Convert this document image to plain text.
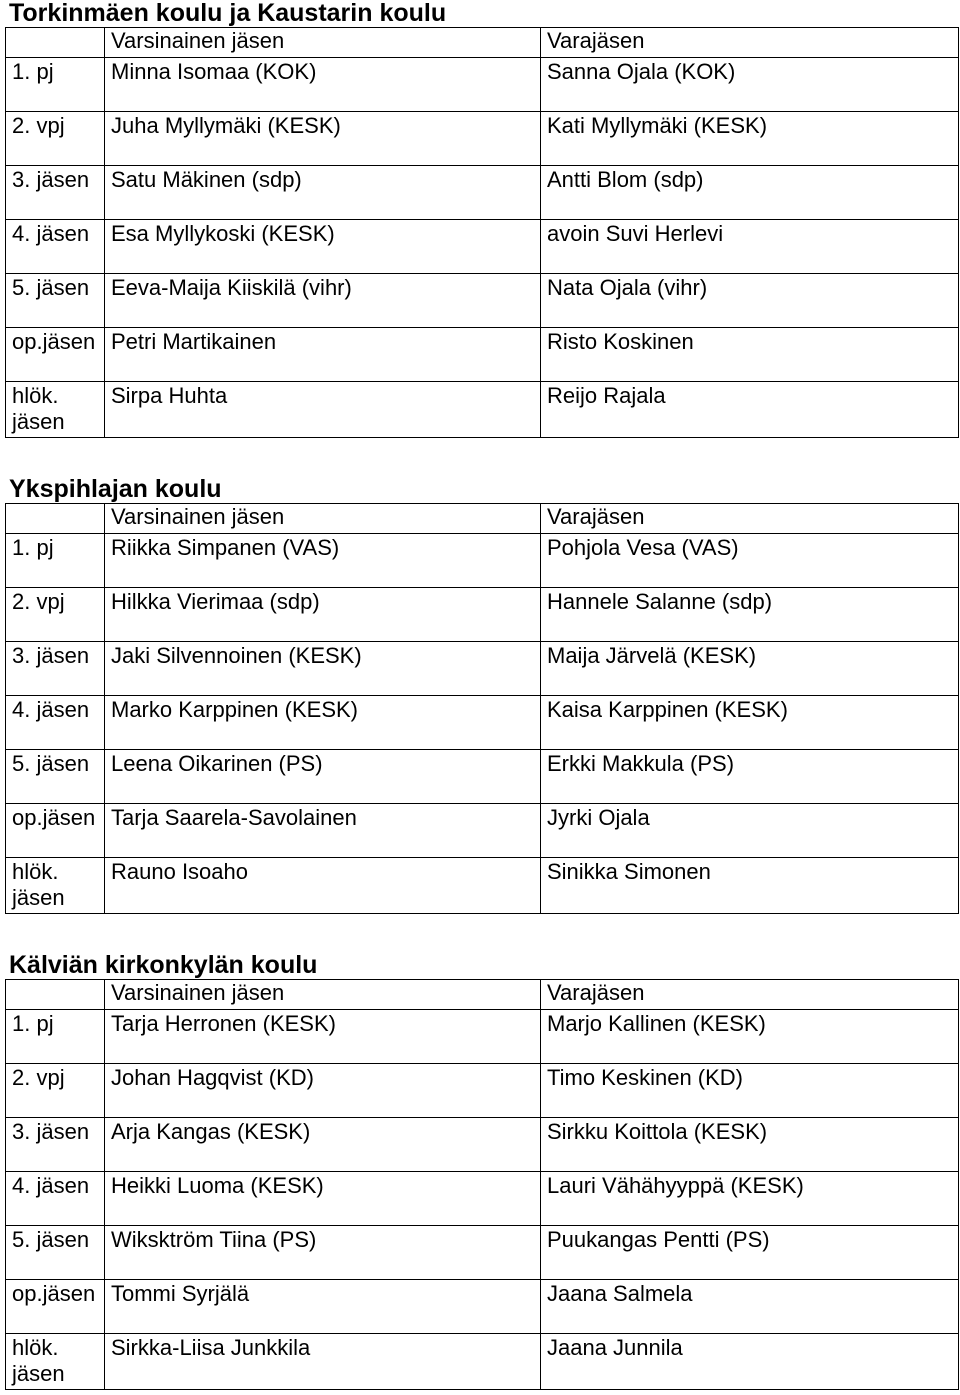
Torkinmäen koulu ja Kaustarin koulu
	Varsinainen jäsen	Varajäsen
1. pj	Minna Isomaa (KOK)	Sanna Ojala (KOK)
2. vpj	Juha Myllymäki (KESK)	Kati Myllymäki (KESK)
3. jäsen	Satu Mäkinen (sdp)	Antti Blom (sdp)
4. jäsen	Esa Myllykoski (KESK)	avoin Suvi Herlevi
5. jäsen	Eeva-Maija Kiiskilä (vihr)	Nata Ojala (vihr)
op.jäsen	Petri Martikainen	Risto Koskinen
hlök. jäsen	Sirpa Huhta	Reijo Rajala
Ykspihlajan koulu
	Varsinainen jäsen	Varajäsen
1. pj	Riikka Simpanen (VAS)	Pohjola Vesa (VAS)
2. vpj	Hilkka Vierimaa (sdp)	Hannele Salanne (sdp)
3. jäsen	Jaki Silvennoinen (KESK)	Maija Järvelä (KESK)
4. jäsen	Marko Karppinen (KESK)	Kaisa Karppinen (KESK)
5. jäsen	Leena Oikarinen (PS)	Erkki Makkula (PS)
op.jäsen	Tarja Saarela-Savolainen	Jyrki Ojala
hlök. jäsen	Rauno Isoaho	Sinikka Simonen
Kälviän kirkonkylän koulu
	Varsinainen jäsen	Varajäsen
1. pj	Tarja Herronen (KESK)	Marjo Kallinen (KESK)
2. vpj	Johan Hagqvist (KD)	Timo Keskinen (KD)
3. jäsen	Arja Kangas (KESK)	Sirkku Koittola (KESK)
4. jäsen	Heikki Luoma (KESK)	Lauri Vähähyyppä (KESK)
5. jäsen	Wiksktröm Tiina (PS)	Puukangas Pentti (PS)
op.jäsen	Tommi Syrjälä	Jaana Salmela
hlök. jäsen	Sirkka-Liisa Junkkila	Jaana Junnila
